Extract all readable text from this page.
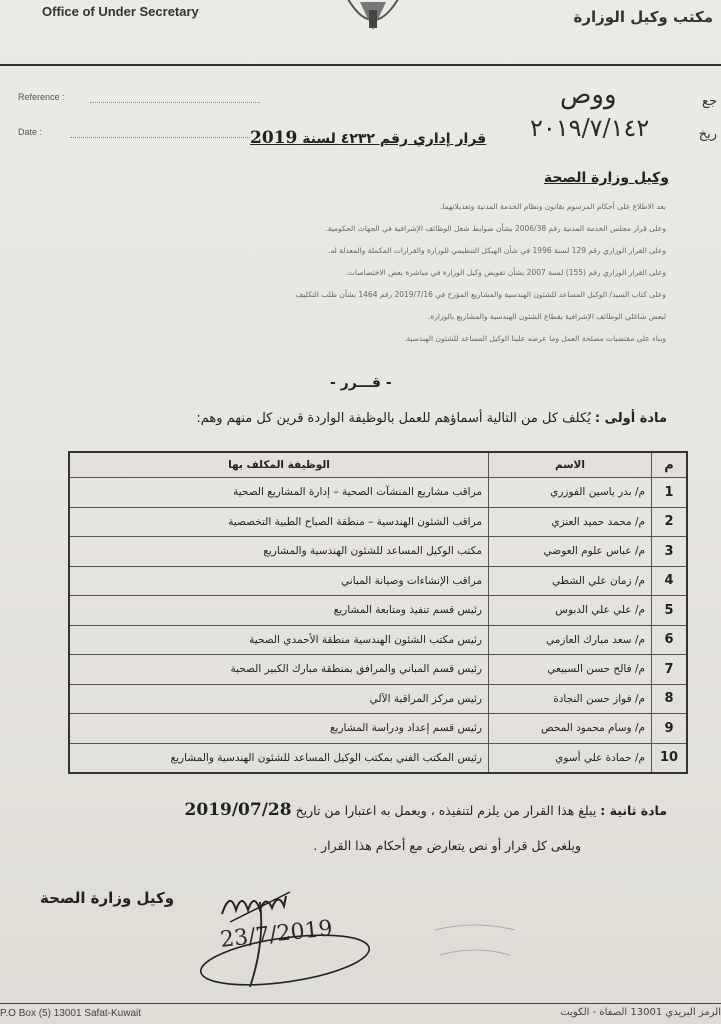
Office of Under Secretary	مكتب وكيل الوزارة
Reference :	ووص	جع
Date :	قرار إداري رقم ٤٢٣٢ لسنة 2019	٢٠١٩/٧/١٤٢	ريخ
وكيل وزارة الصحة
بعد الاطلاع على أحكام المرسوم بقانون ونظام الخدمة المدنية وتعديلاتهما.
وعلى قرار مجلس الخدمة المدنية رقم 2006/38 بشأن ضوابط شغل الوظائف الإشرافية في الجهات الحكومية.
وعلى القرار الوزاري رقم 129 لسنة 1996 في شأن الهيكل التنظيمي للوزارة والقرارات المكملة والمعدلة له.
وعلى القرار الوزاري رقم (155) لسنة 2007 بشأن تفويض وكيل الوزارة في مباشرة بعض الاختصاصات.
وعلى كتاب السيد/ الوكيل المساعد للشئون الهندسية والمشاريع المؤرخ في 2019/7/16 رقم 1464 بشأن طلب التكليف
لبعض شاغلي الوظائف الإشرافية بقطاع الشئون الهندسية والمشاريع بالوزارة.
وبناء على مقتضيات مصلحة العمل وما عرضه علينا الوكيل المساعد للشئون الهندسية.
- قـــرر -
مادة أولى : يُكلف كل من التالية أسماؤهم للعمل بالوظيفة الواردة قرين كل منهم وهم:
م	الاسم	الوظيفة المكلف بها
1	م/ بدر ياسين الفوزري	مراقب مشاريع المنشآت الصحية – إدارة المشاريع الصحية
2	م/ محمد حميد العنزي	مراقب الشئون الهندسية – منطقة الصباح الطبية التخصصية
3	م/ عباس علوم العوضي	مكتب الوكيل المساعد للشئون الهندسية والمشاريع
4	م/ زمان علي الشطي	مراقب الإنشاءات وصيانة المباني
5	م/ علي علي الدبوس	رئيس قسم تنفيذ ومتابعة المشاريع
6	م/ سعد مبارك العازمي	رئيس مكتب الشئون الهندسية منطقة الأحمدي الصحية
7	م/ فالح حسن السبيعي	رئيس قسم المباني والمرافق بمنطقة مبارك الكبير الصحية
8	م/ فواز حسن النجادة	رئيس مركز المراقبة الآلي
9	م/ وسام محمود المحص	رئيس قسم إعداد ودراسة المشاريع
10	م/ حمادة علي أسوي	رئيس المكتب الفني بمكتب الوكيل المساعد للشئون الهندسية والمشاريع
مادة ثانية : يبلغ هذا القرار من يلزم لتنفيذه ، ويعمل به اعتبارا من تاريخ 2019/07/28
ويلغى كل قرار أو نص يتعارض مع أحكام هذا القرار .
وكيل وزارة الصحة
23/7/2019
P.O Box (5) 13001 Safat-Kuwait	الرمز البريدي 13001 الصفاة - الكويت
